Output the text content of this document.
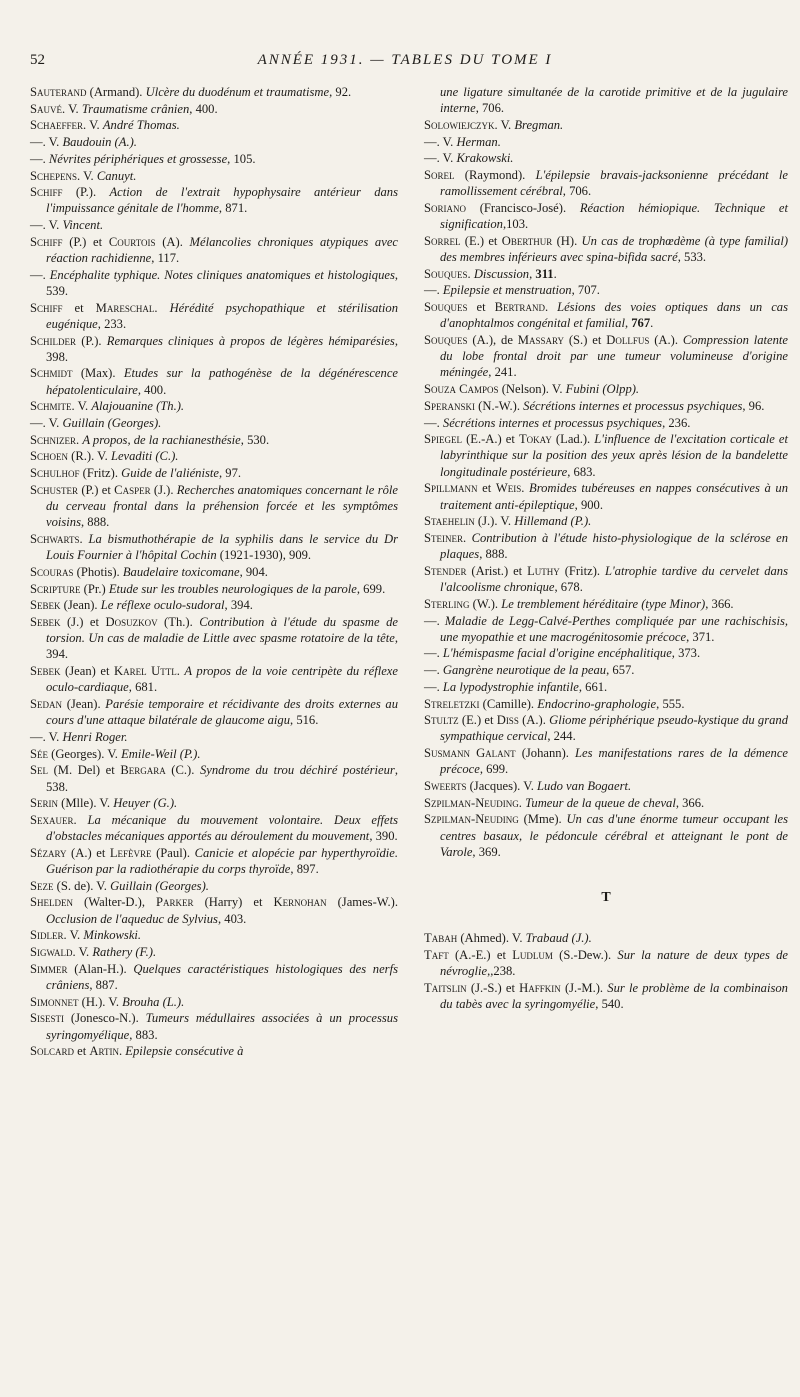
52	ANNÉE 1931. — TABLES DU TOME I

Sauterand (Armand). Ulcère du duodénum et traumatisme, 92.

Sauvé. V. Traumatisme crânien, 400.

Schaeffer. V. André Thomas.

—. V. Baudouin (A.).

—. Névrites périphériques et grossesse, 105.

Schepens. V. Canuyt.

Schiff (P.). Action de l'extrait hypophysaire antérieur dans l'impuissance génitale de l'homme, 871.

—. V. Vincent.

Schiff (P.) et Courtois (A). Mélancolies chroniques atypiques avec réaction rachidienne, 117.

—. Encéphalite typhique. Notes cliniques anatomiques et histologiques, 539.

Schiff et Mareschal. Hérédité psychopathique et stérilisation eugénique, 233.

Schilder (P.). Remarques cliniques à propos de légères hémiparésies, 398.

Schmidt (Max). Etudes sur la pathogénèse de la dégénérescence hépatolenticulaire, 400.

Schmite. V. Alajouanine (Th.).

—. V. Guillain (Georges).

Schnizer. A propos, de la rachianesthésie, 530.

Schoen (R.). V. Levaditi (C.).

Schulhof (Fritz). Guide de l'aliéniste, 97.

Schuster (P.) et Casper (J.). Recherches anatomiques concernant le rôle du cerveau frontal dans la préhension forcée et les symptômes voisins, 888.

Schwarts. La bismuthothérapie de la syphilis dans le service du Dr Louis Fournier à l'hôpital Cochin (1921-1930), 909.

Scouras (Photis). Baudelaire toxicomane, 904.

Scripture (Pr.) Etude sur les troubles neurologiques de la parole, 699.

Sebek (Jean). Le réflexe oculo-sudoral, 394.

Sebek (J.) et Dosuzkov (Th.). Contribution à l'étude du spasme de torsion. Un cas de maladie de Little avec spasme rotatoire de la tête, 394.

Sebek (Jean) et Karel Uttl. A propos de la voie centripète du réflexe oculo-cardiaque, 681.

Sedan (Jean). Parésie temporaire et récidivante des droits externes au cours d'une attaque bilatérale de glaucome aigu, 516.

—. V. Henri Roger.

Sée (Georges). V. Emile-Weil (P.).

Sel (M. Del) et Bergara (C.). Syndrome du trou déchiré postérieur, 538.

Serin (Mlle). V. Heuyer (G.).

Sexauer. La mécanique du mouvement volontaire. Deux effets d'obstacles mécaniques apportés au déroulement du mouvement, 390.

Sézary (A.) et Lefèvre (Paul). Canicie et alopécie par hyperthyroïdie. Guérison par la radiothérapie du corps thyroïde, 897.

Seze (S. de). V. Guillain (Georges).

Shelden (Walter-D.), Parker (Harry) et Kernohan (James-W.). Occlusion de l'aqueduc de Sylvius, 403.

Sidler. V. Minkowski.

Sigwald. V. Rathery (F.).

Simmer (Alan-H.). Quelques caractéristiques histologiques des nerfs crâniens, 887.

Simonnet (H.). V. Brouha (L.).

Sisesti (Jonesco-N.). Tumeurs médullaires associées à un processus syringomyélique, 883.

Solcard et Artin. Epilepsie consécutive à

une ligature simultanée de la carotide primitive et de la jugulaire interne, 706.

Solowiejczyk. V. Bregman.

—. V. Herman.

—. V. Krakowski.

Sorel (Raymond). L'épilepsie bravais-jacksonienne précédant le ramollissement cérébral, 706.

Soriano (Francisco-José). Réaction hémiopique. Technique et signification,103.

Sorrel (E.) et Oberthur (H). Un cas de trophœdème (à type familial) des membres inférieurs avec spina-bifida sacré, 533.

Souques. Discussion, 311.

—. Epilepsie et menstruation, 707.

Souques et Bertrand. Lésions des voies optiques dans un cas d'anophtalmos congénital et familial, 767.

Souques (A.), de Massary (S.) et Dollfus (A.). Compression latente du lobe frontal droit par une tumeur volumineuse d'origine méningée, 241.

Souza Campos (Nelson). V. Fubini (Olpp).

Speranski (N.-W.). Sécrétions internes et processus psychiques, 96.

—. Sécrétions internes et processus psychiques, 236.

Spiegel (E.-A.) et Tokay (Lad.). L'influence de l'excitation corticale et labyrinthique sur la position des yeux après lésion de la bandelette longitudinale postérieure, 683.

Spillmann et Weis. Bromides tubéreuses en nappes consécutives à un traitement anti-épileptique, 900.

Staehelin (J.). V. Hillemand (P.).

Steiner. Contribution à l'étude histo-physiologique de la sclérose en plaques, 888.

Stender (Arist.) et Luthy (Fritz). L'atrophie tardive du cervelet dans l'alcoolisme chronique, 678.

Sterling (W.). Le tremblement héréditaire (type Minor), 366.

—. Maladie de Legg-Calvé-Perthes compliquée par une rachischisis, une myopathie et une macrogénitosomie précoce, 371.

—. L'hémispasme facial d'origine encéphalitique, 373.

—. Gangrène neurotique de la peau, 657.

—. La lypodystrophie infantile, 661.

Streletzki (Camille). Endocrino-graphologie, 555.

Stultz (E.) et Diss (A.). Gliome périphérique pseudo-kystique du grand sympathique cervical, 244.

Susmann Galant (Johann). Les manifestations rares de la démence précoce, 699.

Sweerts (Jacques). V. Ludo van Bogaert.

Szpilman-Neuding. Tumeur de la queue de cheval, 366.

Szpilman-Neuding (Mme). Un cas d'une énorme tumeur occupant les centres basaux, le pédoncule cérébral et atteignant le pont de Varole, 369.

T

Tabah (Ahmed). V. Trabaud (J.).

Taft (A.-E.) et Ludlum (S.-Dew.). Sur la nature de deux types de névroglie,,238.

Taitslin (J.-S.) et Haffkin (J.-M.). Sur le problème de la combinaison du tabès avec la syringomyélie, 540.
